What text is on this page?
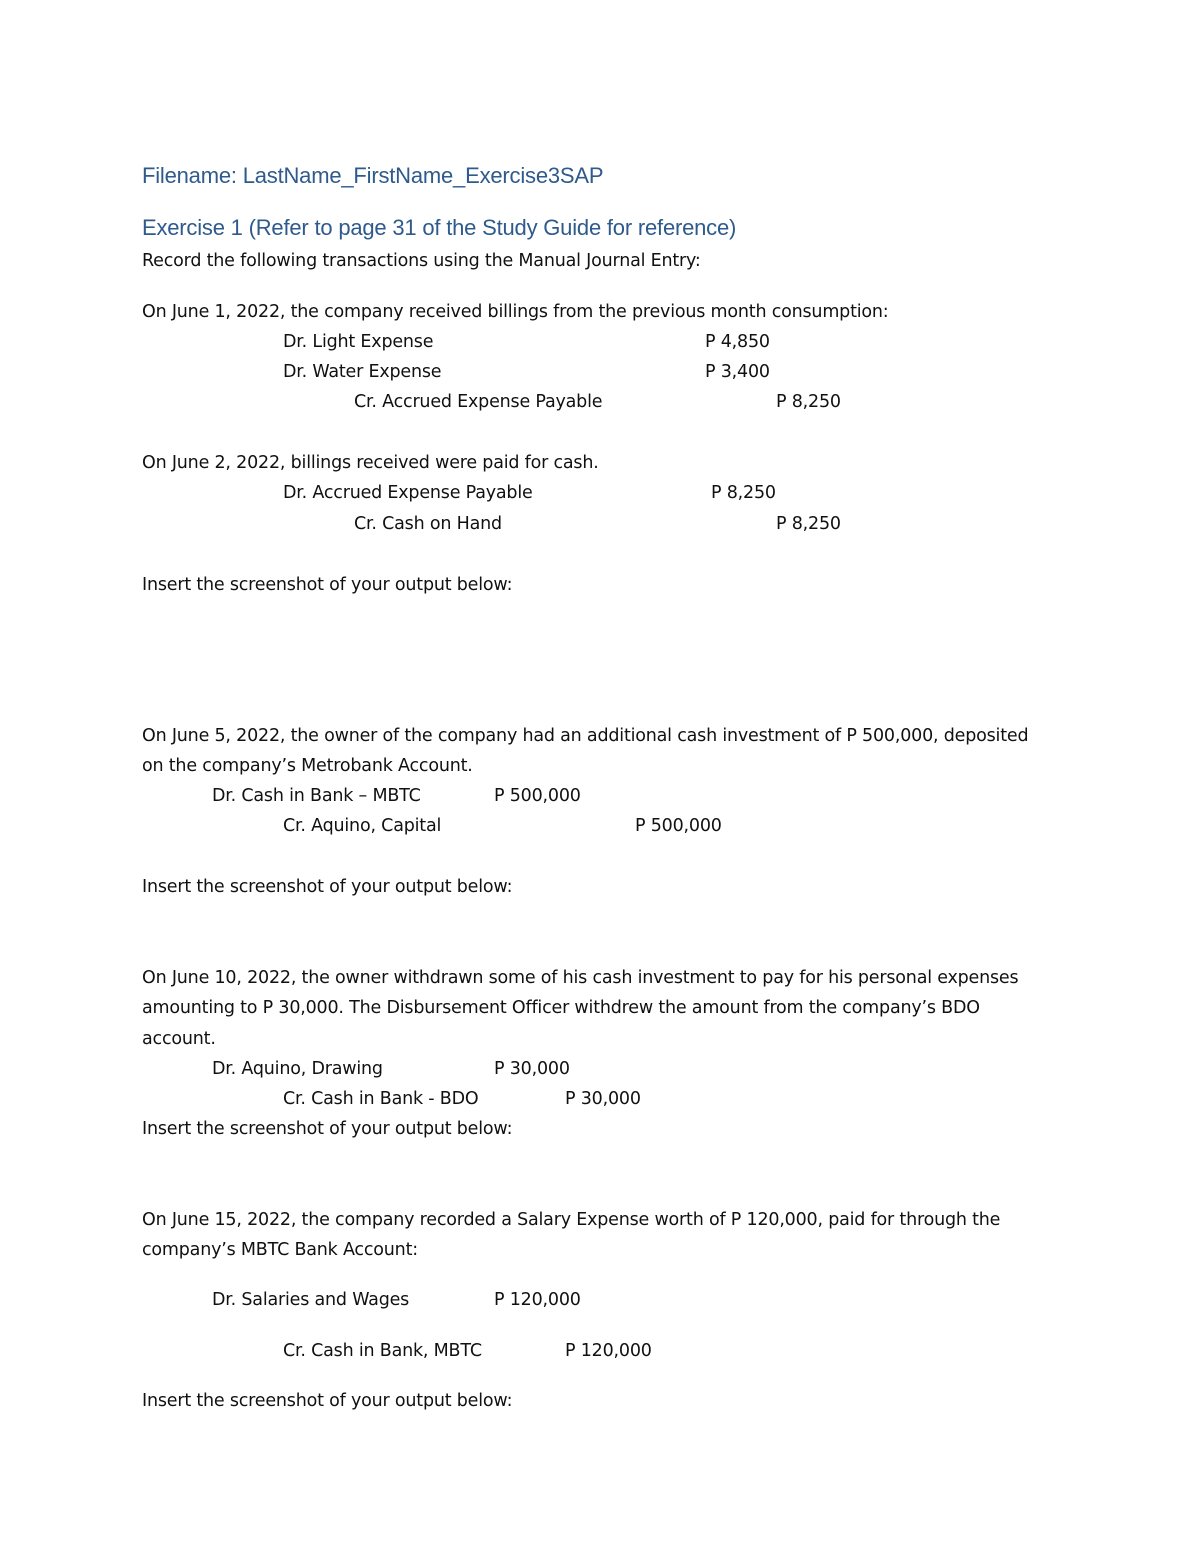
Filename: LastName_FirstName_Exercise3SAP
Exercise 1 (Refer to page 31 of the Study Guide for reference)
Record the following transactions using the Manual Journal Entry:
On June 1, 2022, the company received billings from the previous month consumption:
Dr. Light Expense	P 4,850
Dr. Water Expense	P 3,400
Cr. Accrued Expense Payable	P 8,250
On June 2, 2022, billings received were paid for cash.
Dr. Accrued Expense Payable	P 8,250
Cr. Cash on Hand	P 8,250
Insert the screenshot of your output below:
On June 5, 2022, the owner of the company had an additional cash investment of P 500,000, deposited
on the company’s Metrobank Account.
Dr. Cash in Bank – MBTC	P 500,000
Cr. Aquino, Capital	P 500,000
Insert the screenshot of your output below:
On June 10, 2022, the owner withdrawn some of his cash investment to pay for his personal expenses
amounting to P 30,000. The Disbursement Officer withdrew the amount from the company’s BDO
account.
Dr. Aquino, Drawing	P 30,000
Cr. Cash in Bank - BDO	P 30,000
Insert the screenshot of your output below:
On June 15, 2022, the company recorded a Salary Expense worth of P 120,000, paid for through the
company’s MBTC Bank Account:
Dr. Salaries and Wages	P 120,000
Cr. Cash in Bank, MBTC	P 120,000
Insert the screenshot of your output below:
